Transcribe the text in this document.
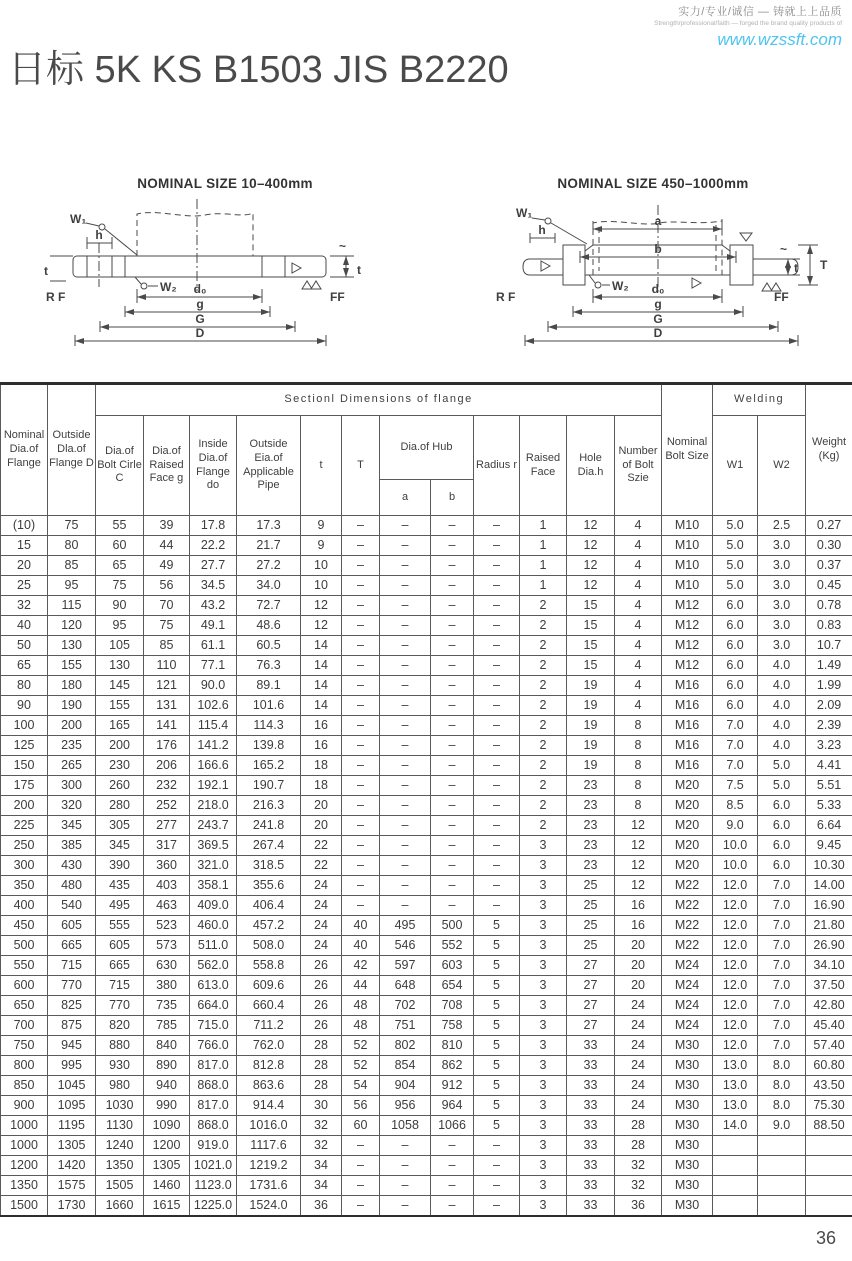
实力/专业/诚信 — 铸就上上品质
Strength/professional/faith — forged the brand quality products of
www.wzssft.com
日标 5K KS B1503 JIS B2220
NOMINAL SIZE 10–400mm
W₁
h
t
R F
W₂
t
~
d₀
g
G
D
FF
NOMINAL SIZE 450–1000mm
a
b
W₁
h
R F
W₂
t
~
T
FF
d₀
g
G
D
Nominal Dia.of Flange	Outside Dla.of Flange D	Sectionl Dimensions of flange												Nominal Bolt Size	Welding		Weight (Kg)
		Dia.of Bolt Cirle C	Dia.of Raised Face g	Inside Dia.of Flange do	Outside Eia.of Applicable Pipe	t	T	Dia.of Hub		Radius r	Raised Face	Hole Dia.h	Number of Bolt Szie		W1	W2	
								a	b								
(10)	75	55	39	17.8	17.3	9	–	–	–	–	1	12	4	M10	5.0	2.5	0.27
15	80	60	44	22.2	21.7	9	–	–	–	–	1	12	4	M10	5.0	3.0	0.30
20	85	65	49	27.7	27.2	10	–	–	–	–	1	12	4	M10	5.0	3.0	0.37
25	95	75	56	34.5	34.0	10	–	–	–	–	1	12	4	M10	5.0	3.0	0.45
32	115	90	70	43.2	72.7	12	–	–	–	–	2	15	4	M12	6.0	3.0	0.78
40	120	95	75	49.1	48.6	12	–	–	–	–	2	15	4	M12	6.0	3.0	0.83
50	130	105	85	61.1	60.5	14	–	–	–	–	2	15	4	M12	6.0	3.0	10.7
65	155	130	110	77.1	76.3	14	–	–	–	–	2	15	4	M12	6.0	4.0	1.49
80	180	145	121	90.0	89.1	14	–	–	–	–	2	19	4	M16	6.0	4.0	1.99
90	190	155	131	102.6	101.6	14	–	–	–	–	2	19	4	M16	6.0	4.0	2.09
100	200	165	141	115.4	114.3	16	–	–	–	–	2	19	8	M16	7.0	4.0	2.39
125	235	200	176	141.2	139.8	16	–	–	–	–	2	19	8	M16	7.0	4.0	3.23
150	265	230	206	166.6	165.2	18	–	–	–	–	2	19	8	M16	7.0	5.0	4.41
175	300	260	232	192.1	190.7	18	–	–	–	–	2	23	8	M20	7.5	5.0	5.51
200	320	280	252	218.0	216.3	20	–	–	–	–	2	23	8	M20	8.5	6.0	5.33
225	345	305	277	243.7	241.8	20	–	–	–	–	2	23	12	M20	9.0	6.0	6.64
250	385	345	317	369.5	267.4	22	–	–	–	–	3	23	12	M20	10.0	6.0	9.45
300	430	390	360	321.0	318.5	22	–	–	–	–	3	23	12	M20	10.0	6.0	10.30
350	480	435	403	358.1	355.6	24	–	–	–	–	3	25	12	M22	12.0	7.0	14.00
400	540	495	463	409.0	406.4	24	–	–	–	–	3	25	16	M22	12.0	7.0	16.90
450	605	555	523	460.0	457.2	24	40	495	500	5	3	25	16	M22	12.0	7.0	21.80
500	665	605	573	511.0	508.0	24	40	546	552	5	3	25	20	M22	12.0	7.0	26.90
550	715	665	630	562.0	558.8	26	42	597	603	5	3	27	20	M24	12.0	7.0	34.10
600	770	715	380	613.0	609.6	26	44	648	654	5	3	27	20	M24	12.0	7.0	37.50
650	825	770	735	664.0	660.4	26	48	702	708	5	3	27	24	M24	12.0	7.0	42.80
700	875	820	785	715.0	711.2	26	48	751	758	5	3	27	24	M24	12.0	7.0	45.40
750	945	880	840	766.0	762.0	28	52	802	810	5	3	33	24	M30	12.0	7.0	57.40
800	995	930	890	817.0	812.8	28	52	854	862	5	3	33	24	M30	13.0	8.0	60.80
850	1045	980	940	868.0	863.6	28	54	904	912	5	3	33	24	M30	13.0	8.0	43.50
900	1095	1030	990	817.0	914.4	30	56	956	964	5	3	33	24	M30	13.0	8.0	75.30
1000	1195	1130	1090	868.0	1016.0	32	60	1058	1066	5	3	33	28	M30	14.0	9.0	88.50
1000	1305	1240	1200	919.0	1117.6	32	–	–	–	–	3	33	28	M30			
1200	1420	1350	1305	1021.0	1219.2	34	–	–	–	–	3	33	32	M30			
1350	1575	1505	1460	1123.0	1731.6	34	–	–	–	–	3	33	32	M30			
1500	1730	1660	1615	1225.0	1524.0	36	–	–	–	–	3	33	36	M30			
36
